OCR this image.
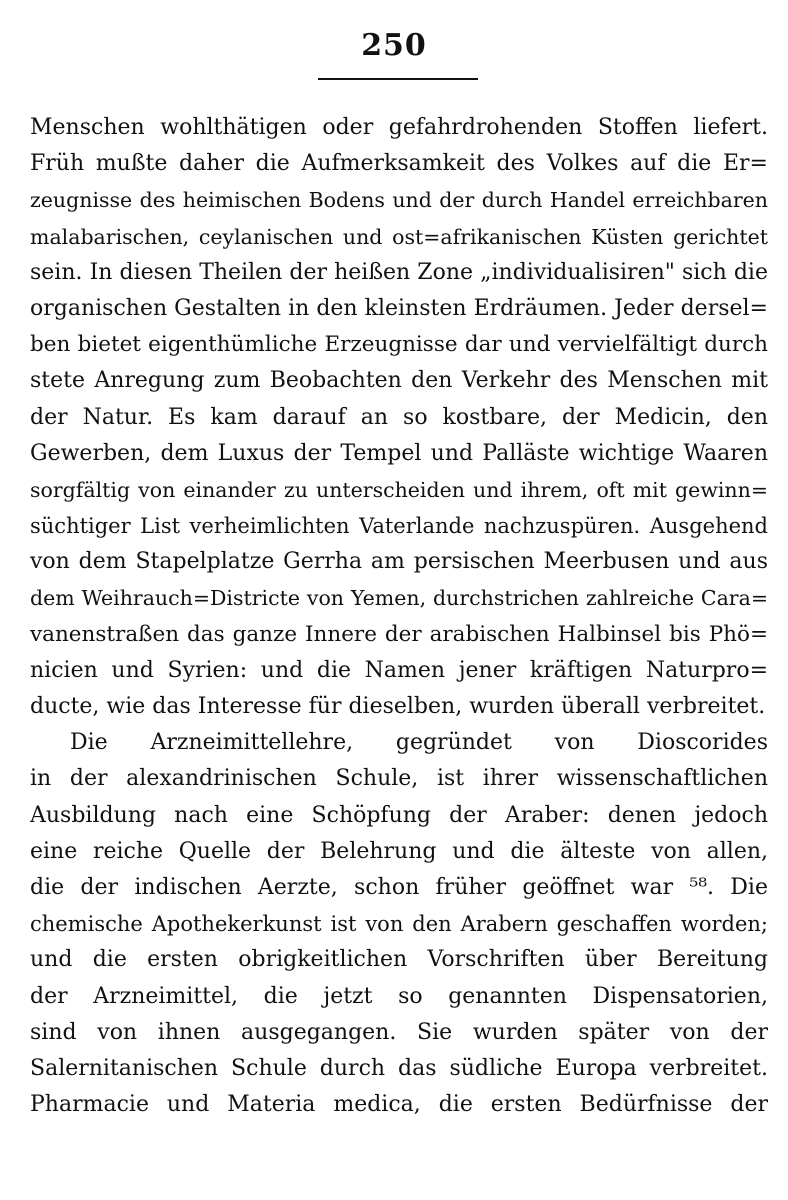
250
Menschen wohlthätigen oder gefahrdrohenden Stoffen liefert.
Früh mußte daher die Aufmerksamkeit des Volkes auf die Er=
zeugnisse des heimischen Bodens und der durch Handel erreichbaren
malabarischen, ceylanischen und ost=afrikanischen Küsten gerichtet
sein. In diesen Theilen der heißen Zone „individualisiren" sich die
organischen Gestalten in den kleinsten Erdräumen. Jeder dersel=
ben bietet eigenthümliche Erzeugnisse dar und vervielfältigt durch
stete Anregung zum Beobachten den Verkehr des Menschen mit
der Natur. Es kam darauf an so kostbare, der Medicin, den
Gewerben, dem Luxus der Tempel und Palläste wichtige Waaren
sorgfältig von einander zu unterscheiden und ihrem, oft mit gewinn=
süchtiger List verheimlichten Vaterlande nachzuspüren. Ausgehend
von dem Stapelplatze Gerrha am persischen Meerbusen und aus
dem Weihrauch=Districte von Yemen, durchstrichen zahlreiche Cara=
vanenstraßen das ganze Innere der arabischen Halbinsel bis Phö=
nicien und Syrien: und die Namen jener kräftigen Naturpro=
ducte, wie das Interesse für dieselben, wurden überall verbreitet.
Die Arzneimittellehre, gegründet von Dioscorides
in der alexandrinischen Schule, ist ihrer wissenschaftlichen
Ausbildung nach eine Schöpfung der Araber: denen jedoch
eine reiche Quelle der Belehrung und die älteste von allen,
die der indischen Aerzte, schon früher geöffnet war ⁵⁸. Die
chemische Apothekerkunst ist von den Arabern geschaffen worden;
und die ersten obrigkeitlichen Vorschriften über Bereitung
der Arzneimittel, die jetzt so genannten Dispensatorien,
sind von ihnen ausgegangen. Sie wurden später von der
Salernitanischen Schule durch das südliche Europa verbreitet.
Pharmacie und Materia medica, die ersten Bedürfnisse der
